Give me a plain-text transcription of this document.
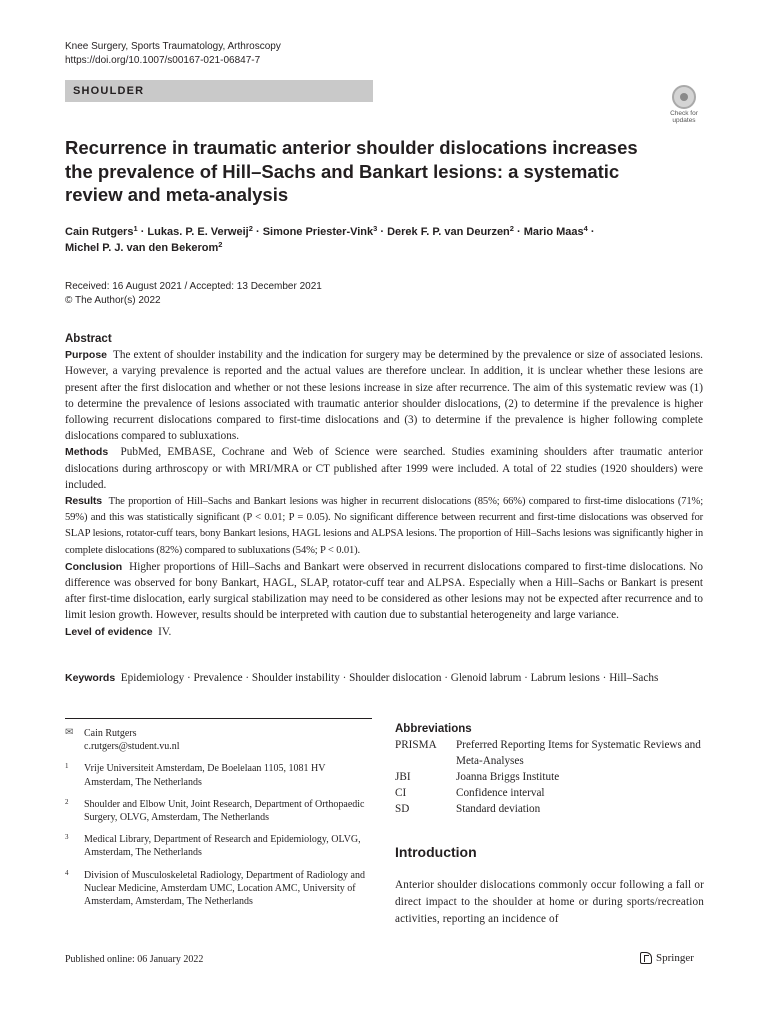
Knee Surgery, Sports Traumatology, Arthroscopy
https://doi.org/10.1007/s00167-021-06847-7
SHOULDER
Check for
updates
Recurrence in traumatic anterior shoulder dislocations increases the prevalence of Hill–Sachs and Bankart lesions: a systematic review and meta-analysis
Cain Rutgers$^1$ · Lukas. P. E. Verweij$^2$ · Simone Priester-Vink$^3$ · Derek F. P. van Deurzen$^2$ · Mario Maas$^4$ ·
Michel P. J. van den Bekerom$^2$
Received: 16 August 2021 / Accepted: 13 December 2021
© The Author(s) 2022
Abstract

Purpose The extent of shoulder instability and the indication for surgery may be determined by the prevalence or size of associated lesions. However, a varying prevalence is reported and the actual values are therefore unclear. In addition, it is unclear whether these lesions are present after the first dislocation and whether or not these lesions increase in size after recurrence. The aim of this systematic review was (1) to determine the prevalence of lesions associated with traumatic anterior shoulder dislocations, (2) to determine if the prevalence is higher following recurrent dislocations compared to first-time dislocations and (3) to determine if the prevalence is higher following complete dislocations compared to subluxations.

Methods PubMed, EMBASE, Cochrane and Web of Science were searched. Studies examining shoulders after traumatic anterior dislocations during arthroscopy or with MRI/MRA or CT published after 1999 were included. A total of 22 studies (1920 shoulders) were included.

Results The proportion of Hill–Sachs and Bankart lesions was higher in recurrent dislocations (85%; 66%) compared to first-time dislocations (71%; 59%) and this was statistically significant (P < 0.01; P = 0.05). No significant difference between recurrent and first-time dislocations was observed for SLAP lesions, rotator-cuff tears, bony Bankart lesions, HAGL lesions and ALPSA lesions. The proportion of Hill–Sachs lesions was significantly higher in complete dislocations (82%) compared to subluxations (54%; P < 0.01).

Conclusion Higher proportions of Hill–Sachs and Bankart were observed in recurrent dislocations compared to first-time dislocations. No difference was observed for bony Bankart, HAGL, SLAP, rotator-cuff tear and ALPSA. Especially when a Hill–Sachs or Bankart is present after first-time dislocation, early surgical stabilization may need to be considered as other lesions may not be expected after recurrence and to limit lesion growth. However, results should be interpreted with caution due to substantial heterogeneity and large variance.

Level of evidence IV.

Keywords Epidemiology · Prevalence · Shoulder instability · Shoulder dislocation · Glenoid labrum · Labrum lesions · Hill–Sachs
✉	Cain Rutgers
c.rutgers@student.vu.nl
1	Vrije Universiteit Amsterdam, De Boelelaan 1105, 1081 HV Amsterdam, The Netherlands
2	Shoulder and Elbow Unit, Joint Research, Department of Orthopaedic Surgery, OLVG, Amsterdam, The Netherlands
3	Medical Library, Department of Research and Epidemiology, OLVG, Amsterdam, The Netherlands
4	Division of Musculoskeletal Radiology, Department of Radiology and Nuclear Medicine, Amsterdam UMC, Location AMC, University of Amsterdam, Amsterdam, The Netherlands
Abbreviations
PRISMA	Preferred Reporting Items for Systematic Reviews and Meta-Analyses
JBI	Joanna Briggs Institute
CI	Confidence interval
SD	Standard deviation
Introduction
Anterior shoulder dislocations commonly occur following a fall or direct impact to the shoulder at home or during sports/recreation activities, reporting an incidence of
Published online: 06 January 2022	Springer
